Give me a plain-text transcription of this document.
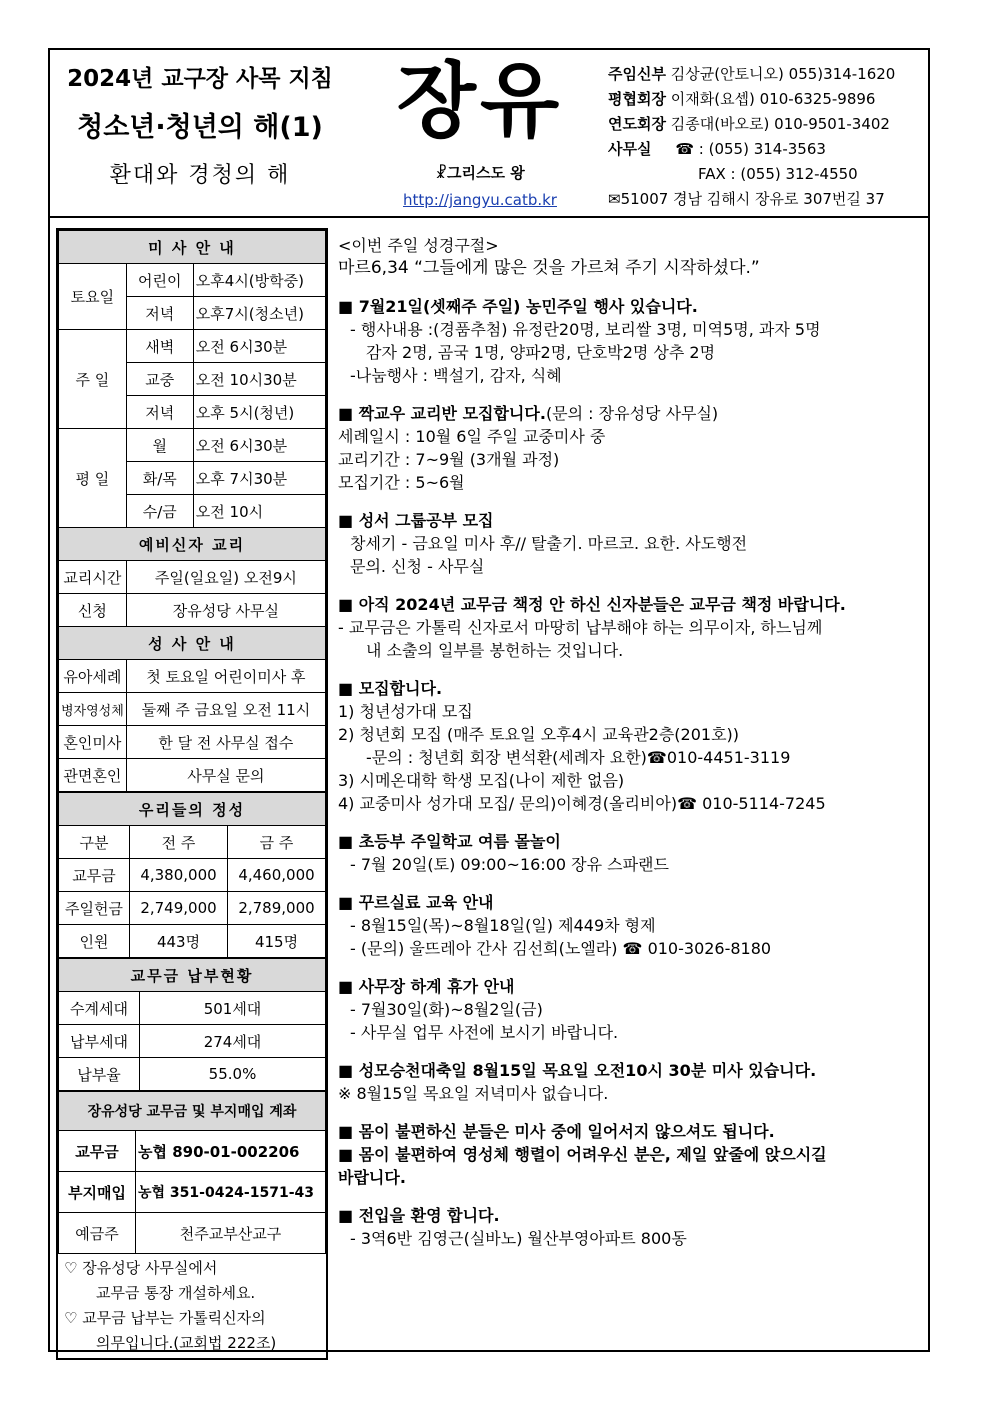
2024년 교구장 사목 지침
청소년·청년의 해(1)
환대와 경청의 해
장유
☧그리스도 왕
http://jangyu.catb.kr
주임신부 김상균(안토니오) 055)314-1620
평협회장 이재화(요셉) 010-6325-9896
연도회장 김종대(바오로) 010-9501-3402
사무실 ☎ : (055) 314-3563
FAX : (055) 312-4550
✉51007 경남 김해시 장유로 307번길 37
미 사 안 내		
토요일	어린이	오후4시(방학중)
	저녁	오후7시(청소년)
주 일	새벽	오전 6시30분
	교중	오전 10시30분
	저녁	오후 5시(청년)
평 일	월	오전 6시30분
	화/목	오후 7시30분
	수/금	오전 10시
예비신자 교리		
교리시간	주일(일요일) 오전9시	
신청	장유성당 사무실	
성 사 안 내		
유아세례	첫 토요일 어린이미사 후	
병자영성체	둘째 주 금요일 오전 11시	
혼인미사	한 달 전 사무실 접수	
관면혼인	사무실 문의	
우리들의 정성		
구분	전 주	금 주
교무금	4,380,000	4,460,000
주일헌금	2,749,000	2,789,000
인원	443명	415명
교무금 납부현황	
수계세대	501세대
납부세대	274세대
납부율	55.0%
장유성당 교무금 및 부지매입 계좌	
교무금	농협 890-01-002206
부지매입	농협 351-0424-1571-43
예금주	천주교부산교구
♡ 장유성당 사무실에서
교무금 통장 개설하세요.
♡ 교무금 납부는 가톨릭신자의
의무입니다.(교회법 222조)

<이번 주일 성경구절>

마르6,34 “그들에게 많은 것을 가르쳐 주기 시작하셨다.”

■ 7월21일(셋째주 주일) 농민주일 행사 있습니다.

- 행사내용 :(경품추첨) 유정란20명, 보리쌀 3명, 미역5명, 과자 5명

감자 2명, 곰국 1명, 양파2명, 단호박2명 상추 2명

-나눔행사 : 백설기, 감자, 식혜

■ 짝교우 교리반 모집합니다.(문의 : 장유성당 사무실)

세례일시 : 10월 6일 주일 교중미사 중

교리기간 : 7~9월 (3개월 과정)

모집기간 : 5~6월

■ 성서 그룹공부 모집

창세기 - 금요일 미사 후// 탈출기. 마르코. 요한. 사도행전

문의. 신청 - 사무실

■ 아직 2024년 교무금 책정 안 하신 신자분들은 교무금 책정 바랍니다.

- 교무금은 가톨릭 신자로서 마땅히 납부해야 하는 의무이자, 하느님께

내 소출의 일부를 봉헌하는 것입니다.

■ 모집합니다.

1) 청년성가대 모집

2) 청년회 모집 (매주 토요일 오후4시 교육관2층(201호))

-문의 : 청년회 회장 변석환(세례자 요한)☎010-4451-3119

3) 시메온대학 학생 모집(나이 제한 없음)

4) 교중미사 성가대 모집/ 문의)이혜경(올리비아)☎ 010-5114-7245

■ 초등부 주일학교 여름 몰놀이

- 7월 20일(토) 09:00~16:00 장유 스파랜드

■ 꾸르실료 교육 안내

- 8월15일(목)~8월18일(일) 제449차 형제

- (문의) 울뜨레아 간사 김선희(노엘라) ☎ 010-3026-8180

■ 사무장 하계 휴가 안내

- 7월30일(화)~8월2일(금)

- 사무실 업무 사전에 보시기 바랍니다.

■ 성모승천대축일 8월15일 목요일 오전10시 30분 미사 있습니다.

※ 8월15일 목요일 저녁미사 없습니다.

■ 몸이 불편하신 분들은 미사 중에 일어서지 않으셔도 됩니다.

■ 몸이 불편하여 영성체 행렬이 어려우신 분은, 제일 앞줄에 앉으시길

바랍니다.

■ 전입을 환영 합니다.

- 3역6반 김영근(실바노) 월산부영아파트 800동
